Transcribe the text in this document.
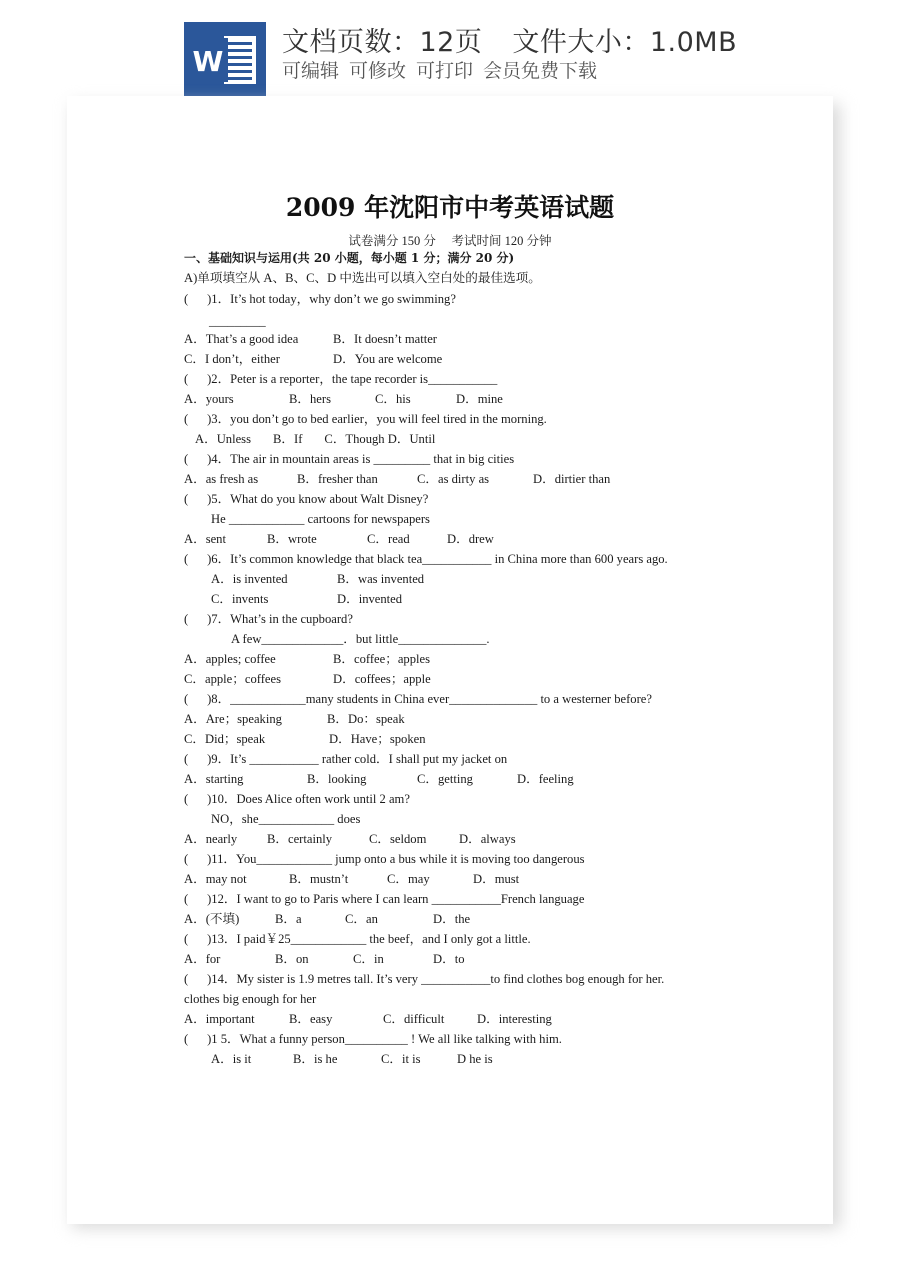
W
文档页数：12页 文件大小：1.0MB
可编辑 可修改 可打印 会员免费下载
2009 年沈阳市中考英语试题
试卷满分 150 分     考试时间 120 分钟
一、基础知识与运用(共 20 小题，每小题 1 分；满分 20 分)
A)单项填空从 A、B、C、D 中选出可以填入空白处的最佳选项。
(      )1．It’s hot today，why don’t we go swimming?
_________
A．That’s a good idea	B．It doesn’t matter
C．I don’t，either	D．You are welcome
(      )2．Peter is a reporter，the tape recorder is___________
A．yours	B．hers	C．his	D．mine
(      )3．you don’t go to bed earlier，you will feel tired in the morning.
A．Unless       B．If       C．Though D．Until
(      )4．The air in mountain areas is _________ that in big cities
A．as fresh as	B．fresher than	C．as dirty as	D．dirtier than
(      )5．What do you know about Walt Disney?
He ____________ cartoons for newspapers
A．sent	B．wrote	C．read	D．drew
(      )6．It’s common knowledge that black tea___________ in China more than 600 years ago.
A．is invented	B．was invented
C．invents	D．invented
(      )7．What’s in the cupboard?
A few_____________．but little______________.
A．apples; coffee	B．coffee；apples
C．apple；coffees	D．coffees；apple
(      )8．____________many students in China ever______________ to a westerner before?
A．Are；speaking	B．Do：speak
C．Did；speak	D．Have；spoken
(      )9．It’s ___________ rather cold．I shall put my jacket on
A．starting	B．looking	C．getting	D．feeling
(      )10．Does Alice often work until 2 am?
NO，she____________ does
A．nearly B．certainly	C．seldom	D．always
(      )11．You____________ jump onto a bus while it is moving too dangerous
A．may not	B．mustn’t	C．may	D．must
(      )12．I want to go to Paris where I can learn ___________French language
A．(不填)	B．a	C．an	D．the
(      )13．I paid￥25____________ the beef，and I only got a little.
A．for	B．on	C．in	D．to
(      )14．My sister is 1.9 metres tall. It’s very ___________to find clothes bog enough for her.
clothes big enough for her
A．important	B．easy	C．difficult	D．interesting
(      )1 5．What a funny person__________ ! We all like talking with him.
A．is it	B．is he	C．it is	D he is
